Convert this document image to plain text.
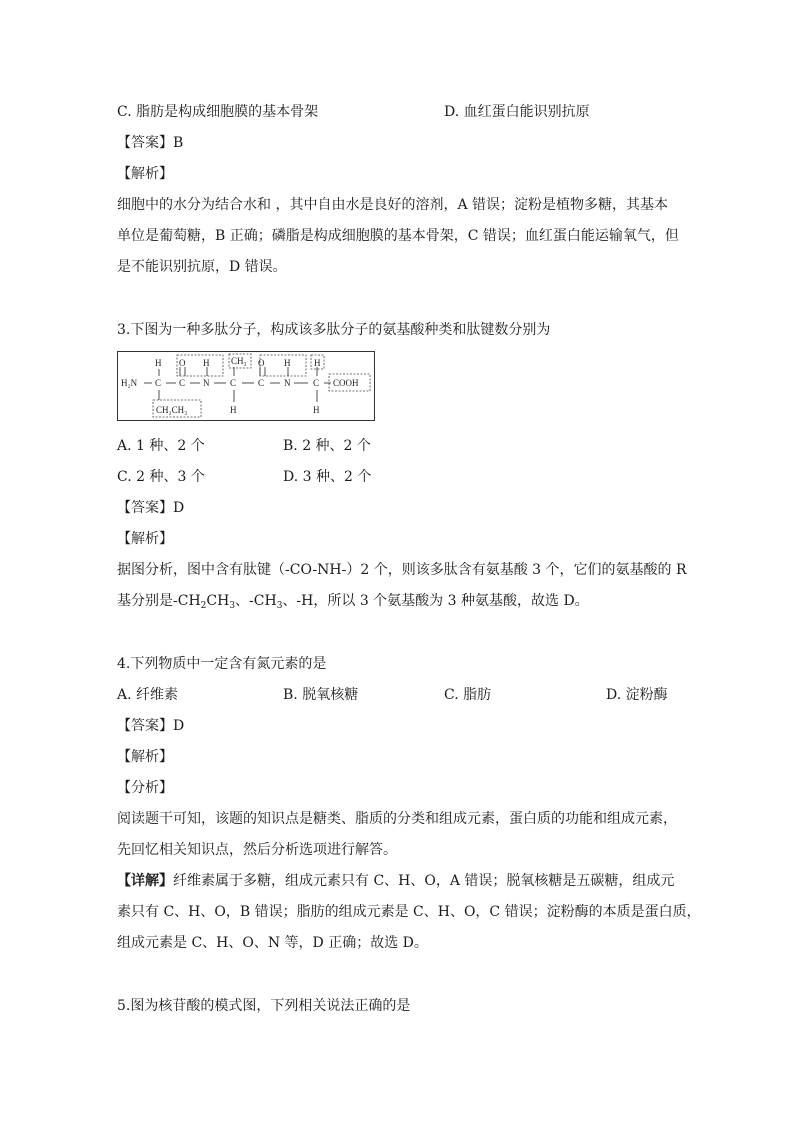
C. 脂肪是构成细胞膜的基本骨架	D. 血红蛋白能识别抗原
【答案】B
【解析】
细胞中的水分为结合水和 ，其中自由水是良好的溶剂，A 错误；淀粉是植物多糖，其基本
单位是葡萄糖，B 正确；磷脂是构成细胞膜的基本骨架，C 错误；血红蛋白能运输氧气，但
是不能识别抗原，D 错误。
3.下图为一种多肽分子，构成该多肽分子的氨基酸种类和肽键数分别为
H₂N
H
C
O
C
H
N
CH₃
C
H
O
C
H
N
H
C
H
COOH
CH₂CH₃
A. 1 种、2 个	B. 2 种、2 个
C. 2 种、3 个	D. 3 种、2 个
【答案】D
【解析】
据图分析，图中含有肽键（-CO-NH-）2 个，则该多肽含有氨基酸 3 个，它们的氨基酸的 R
基分别是$-CH_2CH_3$、$-CH_3$、-H，所以 3 个氨基酸为 3 种氨基酸，故选 D。
4.下列物质中一定含有氮元素的是
A. 纤维素	B. 脱氧核糖	C. 脂肪	D. 淀粉酶
【答案】D
【解析】
【分析】
阅读题干可知，该题的知识点是糖类、脂质的分类和组成元素，蛋白质的功能和组成元素，
先回忆相关知识点，然后分析选项进行解答。
【详解】纤维素属于多糖，组成元素只有 C、H、O，A 错误；脱氧核糖是五碳糖，组成元
素只有 C、H、O，B 错误；脂肪的组成元素是 C、H、O，C 错误；淀粉酶的本质是蛋白质，
组成元素是 C、H、O、N 等，D 正确；故选 D。
5.图为核苷酸的模式图，下列相关说法正确的是
